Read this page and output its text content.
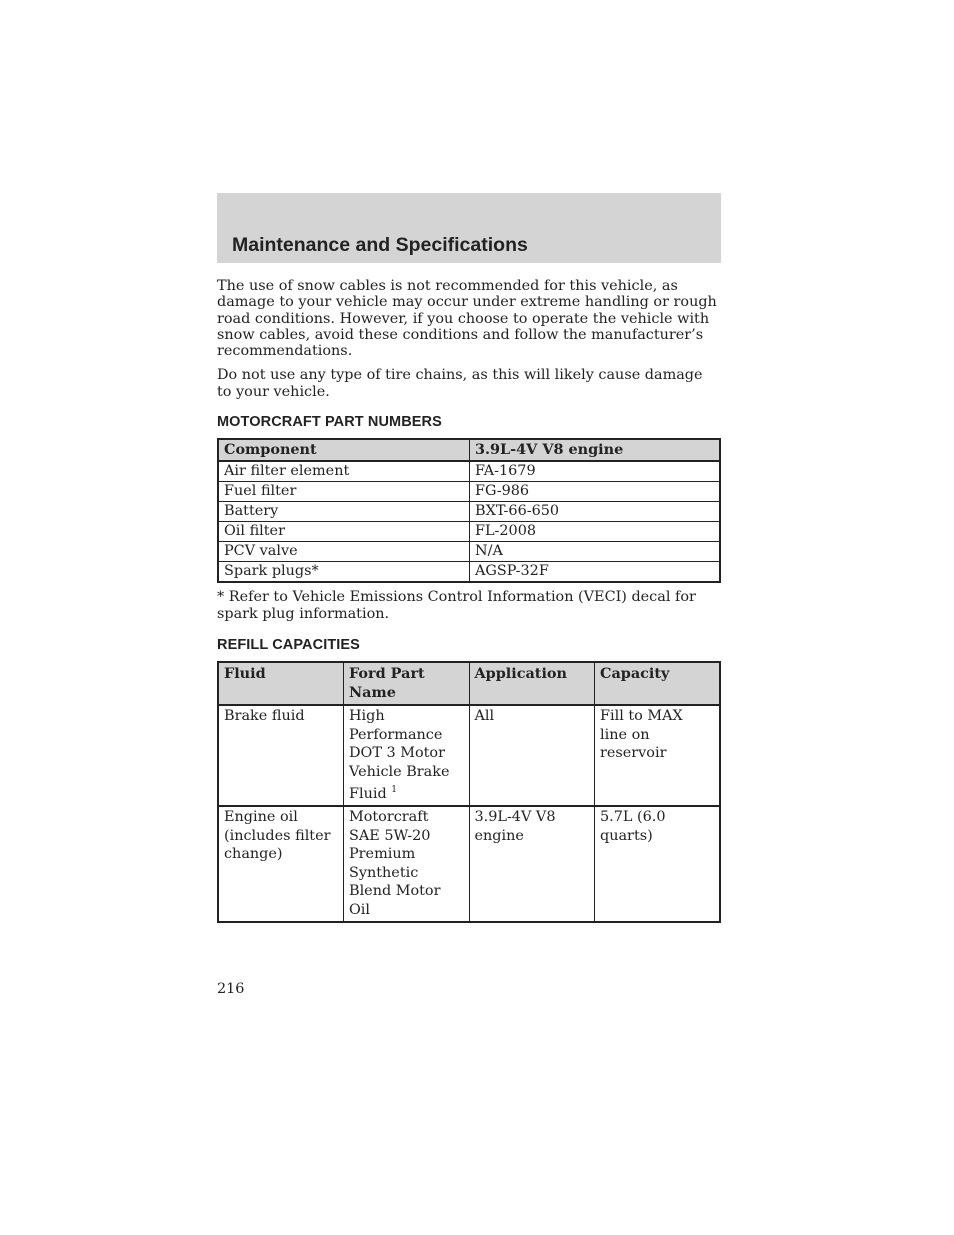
Maintenance and Specifications

The use of snow cables is not recommended for this vehicle, as damage to your vehicle may occur under extreme handling or rough road conditions. However, if you choose to operate the vehicle with snow cables, avoid these conditions and follow the manufacturer’s recommendations.

Do not use any type of tire chains, as this will likely cause damage to your vehicle.

MOTORCRAFT PART NUMBERS
Component	3.9L-4V V8 engine
Air filter element	FA-1679
Fuel filter	FG-986
Battery	BXT-66-650
Oil filter	FL-2008
PCV valve	N/A
Spark plugs*	AGSP-32F

* Refer to Vehicle Emissions Control Information (VECI) decal for spark plug information.

REFILL CAPACITIES
Fluid	Ford Part Name	Application	Capacity
Brake fluid	High Performance DOT 3 Motor Vehicle Brake Fluid $^1$	All	Fill to MAX line on reservoir
Engine oil (includes filter change)	Motorcraft SAE 5W-20 Premium Synthetic Blend Motor Oil	3.9L-4V V8 engine	5.7L (6.0 quarts)
216
